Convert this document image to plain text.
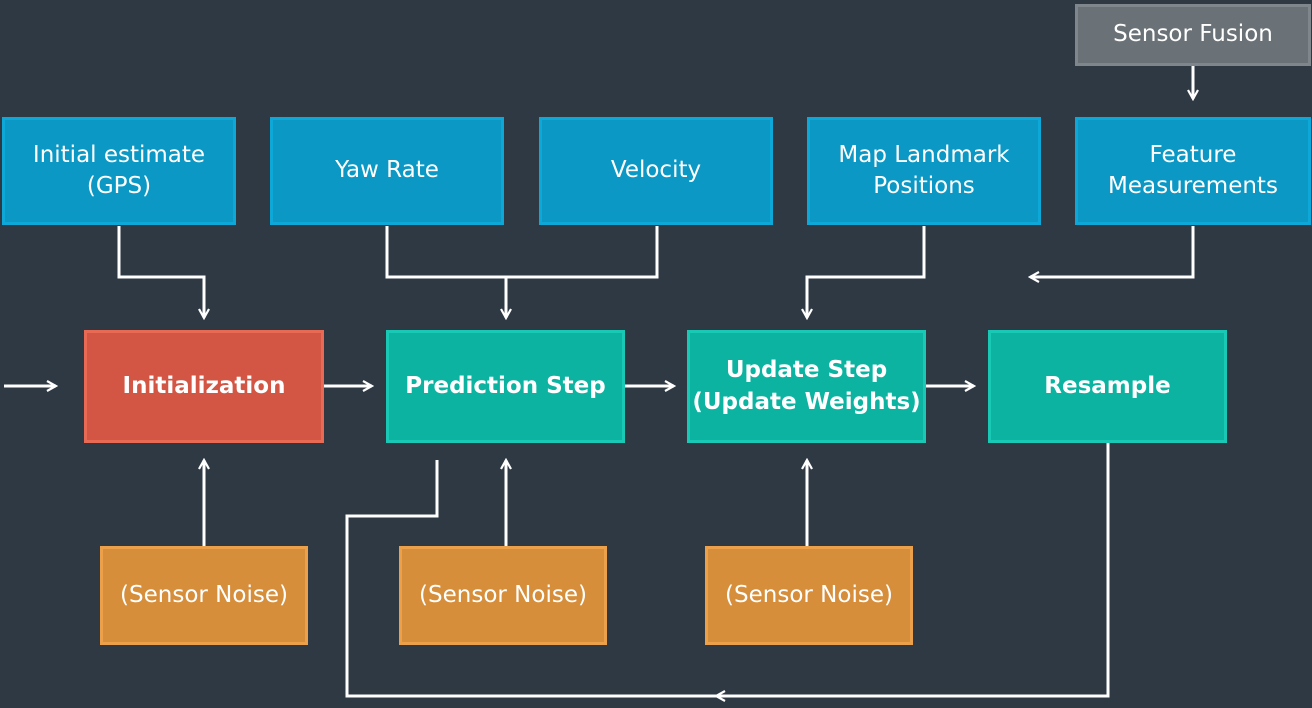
Sensor Fusion
Initial estimate
(GPS)
Yaw Rate	Velocity
Map Landmark
Positions
Feature
Measurements
Initialization	Prediction Step
Update Step
(Update Weights)
Resample
(Sensor Noise)	(Sensor Noise)	(Sensor Noise)
